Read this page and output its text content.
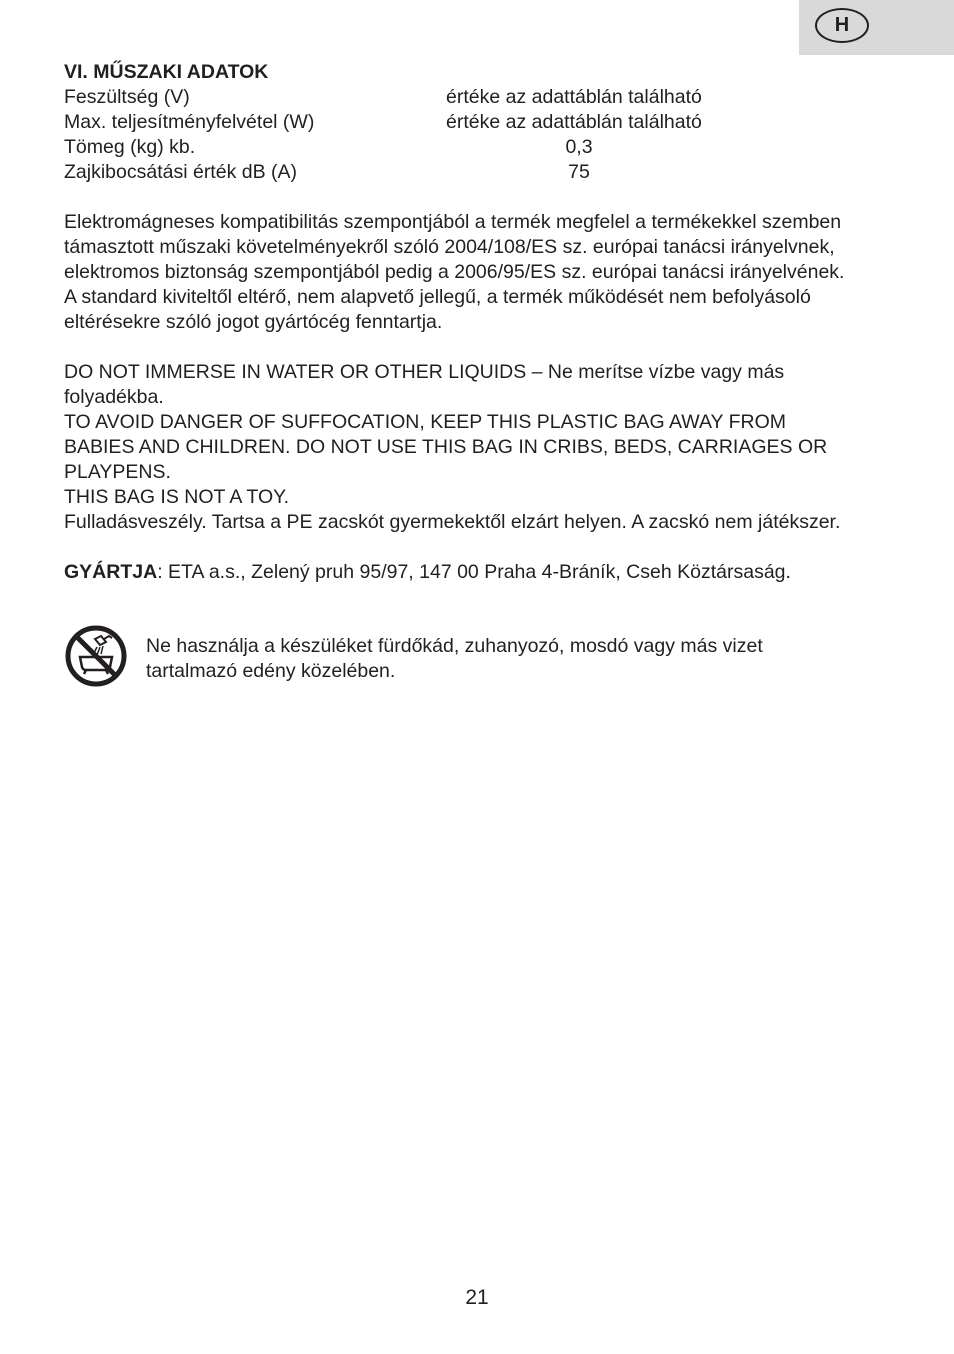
H
VI. MŰSZAKI ADATOK
Feszültség (V)	értéke az adattáblán található
Max. teljesítményfelvétel (W)	értéke az adattáblán található
Tömeg (kg) kb.	0,3
Zajkibocsátási érték dB (A)	75
Elektromágneses kompatibilitás szempontjából a termék megfelel a termékekkel szemben
támasztott műszaki követelményekről szóló 2004/108/ES sz. európai tanácsi irányelvnek,
elektromos biztonság szempontjából pedig a 2006/95/ES sz. európai tanácsi irányelvének.
A standard kiviteltől eltérő, nem alapvető jellegű, a termék működését nem befolyásoló
eltérésekre szóló jogot gyártócég fenntartja.
DO NOT IMMERSE IN WATER OR OTHER LIQUIDS – Ne merítse vízbe vagy más
folyadékba.
TO AVOID DANGER OF SUFFOCATION, KEEP THIS PLASTIC BAG AWAY FROM
BABIES AND CHILDREN. DO NOT USE THIS BAG IN CRIBS, BEDS, CARRIAGES OR
PLAYPENS.
THIS BAG IS NOT A TOY.
Fulladásveszély. Tartsa a PE zacskót gyermekektől elzárt helyen. A zacskó nem játékszer.
GYÁRTJA: ETA a.s., Zelený pruh 95/97, 147 00 Praha 4-Bráník, Cseh Köztársaság.
Ne használja a készüléket fürdőkád, zuhanyozó, mosdó vagy más vizet
tartalmazó edény közelében.
21
